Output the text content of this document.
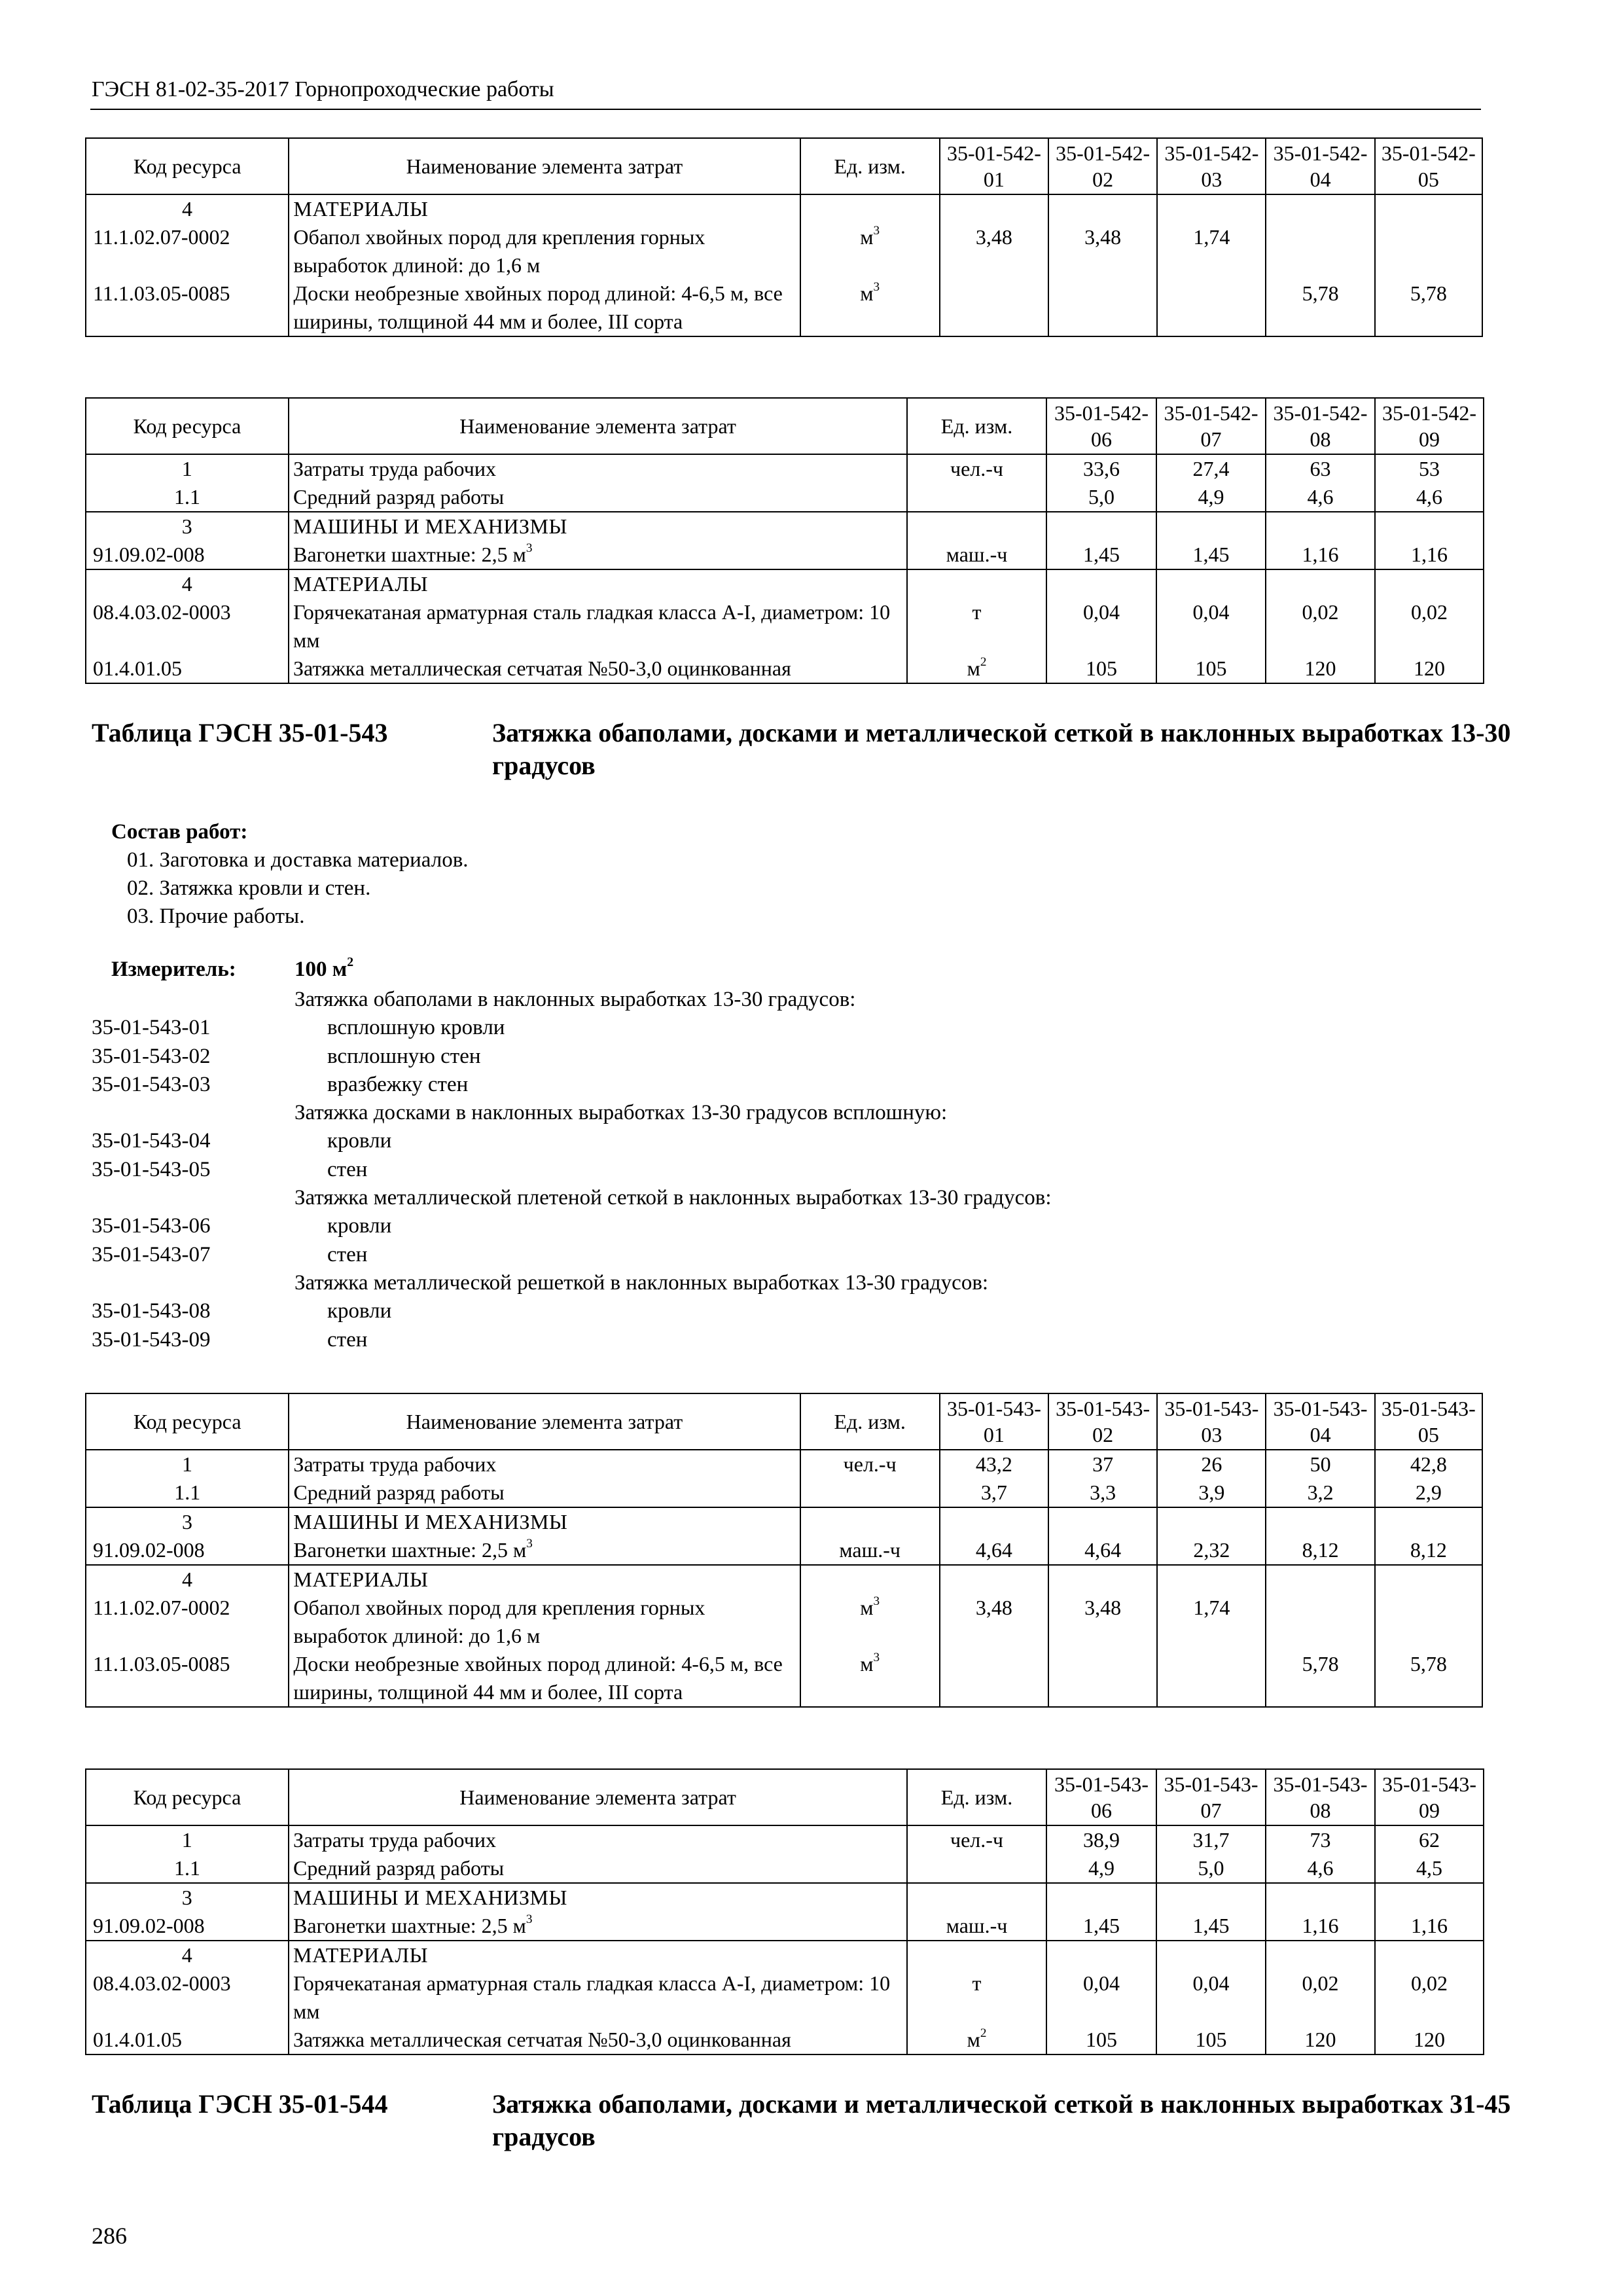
ГЭСН 81-02-35-2017 Горнопроходческие работы
Код ресурса	Наименование элемента затрат	Ед. изм.	35-01-542-01	35-01-542-02	35-01-542-03	35-01-542-04	35-01-542-05
4	МАТЕРИАЛЫ						
11.1.02.07-0002	Обапол хвойных пород для крепления горных выработок длиной: до 1,6 м	$м^3$	3,48	3,48	1,74		
11.1.03.05-0085	Доски необрезные хвойных пород длиной: 4-6,5 м, все ширины, толщиной 44 мм и более, III сорта	$м^3$				5,78	5,78
Код ресурса	Наименование элемента затрат	Ед. изм.	35-01-542-06	35-01-542-07	35-01-542-08	35-01-542-09
1	Затраты труда рабочих	чел.-ч	33,6	27,4	63	53
1.1	Средний разряд работы		5,0	4,9	4,6	4,6
3	МАШИНЫ И МЕХАНИЗМЫ					
91.09.02-008	Вагонетки шахтные: 2,5 $м^3$	маш.-ч	1,45	1,45	1,16	1,16
4	МАТЕРИАЛЫ					
08.4.03.02-0003	Горячекатаная арматурная сталь гладкая класса А-I, диаметром: 10 мм	т	0,04	0,04	0,02	0,02
01.4.01.05	Затяжка металлическая сетчатая №50-3,0 оцинкованная	$м^2$	105	105	120	120
Таблица ГЭСН 35-01-543	Затяжка обаполами, досками и металлической сеткой в наклонных выработках 13-30 градусов
Состав работ:
01. Заготовка и доставка материалов.
02. Затяжка кровли и стен.
03. Прочие работы.
Измеритель:	100 $м^2$
Затяжка обаполами в наклонных выработках 13-30 градусов:
35-01-543-01	всплошную кровли
35-01-543-02	всплошную стен
35-01-543-03	вразбежку стен
Затяжка досками в наклонных выработках 13-30 градусов всплошную:
35-01-543-04	кровли
35-01-543-05	стен
Затяжка металлической плетеной сеткой в наклонных выработках 13-30 градусов:
35-01-543-06	кровли
35-01-543-07	стен
Затяжка металлической решеткой в наклонных выработках 13-30 градусов:
35-01-543-08	кровли
35-01-543-09	стен
Код ресурса	Наименование элемента затрат	Ед. изм.	35-01-543-01	35-01-543-02	35-01-543-03	35-01-543-04	35-01-543-05
1	Затраты труда рабочих	чел.-ч	43,2	37	26	50	42,8
1.1	Средний разряд работы		3,7	3,3	3,9	3,2	2,9
3	МАШИНЫ И МЕХАНИЗМЫ						
91.09.02-008	Вагонетки шахтные: 2,5 $м^3$	маш.-ч	4,64	4,64	2,32	8,12	8,12
4	МАТЕРИАЛЫ						
11.1.02.07-0002	Обапол хвойных пород для крепления горных выработок длиной: до 1,6 м	$м^3$	3,48	3,48	1,74		
11.1.03.05-0085	Доски необрезные хвойных пород длиной: 4-6,5 м, все ширины, толщиной 44 мм и более, III сорта	$м^3$				5,78	5,78
Код ресурса	Наименование элемента затрат	Ед. изм.	35-01-543-06	35-01-543-07	35-01-543-08	35-01-543-09
1	Затраты труда рабочих	чел.-ч	38,9	31,7	73	62
1.1	Средний разряд работы		4,9	5,0	4,6	4,5
3	МАШИНЫ И МЕХАНИЗМЫ					
91.09.02-008	Вагонетки шахтные: 2,5 $м^3$	маш.-ч	1,45	1,45	1,16	1,16
4	МАТЕРИАЛЫ					
08.4.03.02-0003	Горячекатаная арматурная сталь гладкая класса А-I, диаметром: 10 мм	т	0,04	0,04	0,02	0,02
01.4.01.05	Затяжка металлическая сетчатая №50-3,0 оцинкованная	$м^2$	105	105	120	120
Таблица ГЭСН 35-01-544	Затяжка обаполами, досками и металлической сеткой в наклонных выработках 31-45 градусов
286
